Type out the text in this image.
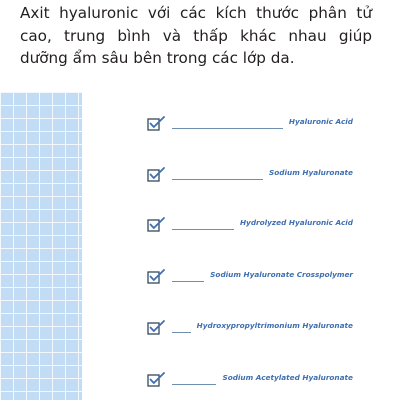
Axit hyaluronic với các kích thước phân tử cao, trung bình và thấp khác nhau giúp dưỡng ẩm sâu bên trong các lớp da.

Hyaluronic Acid
Sodium Hyaluronate
Hydrolyzed Hyaluronic Acid
Sodium Hyaluronate Crosspolymer
Hydroxypropyltrimonium Hyaluronate
Sodium Acetylated Hyaluronate
